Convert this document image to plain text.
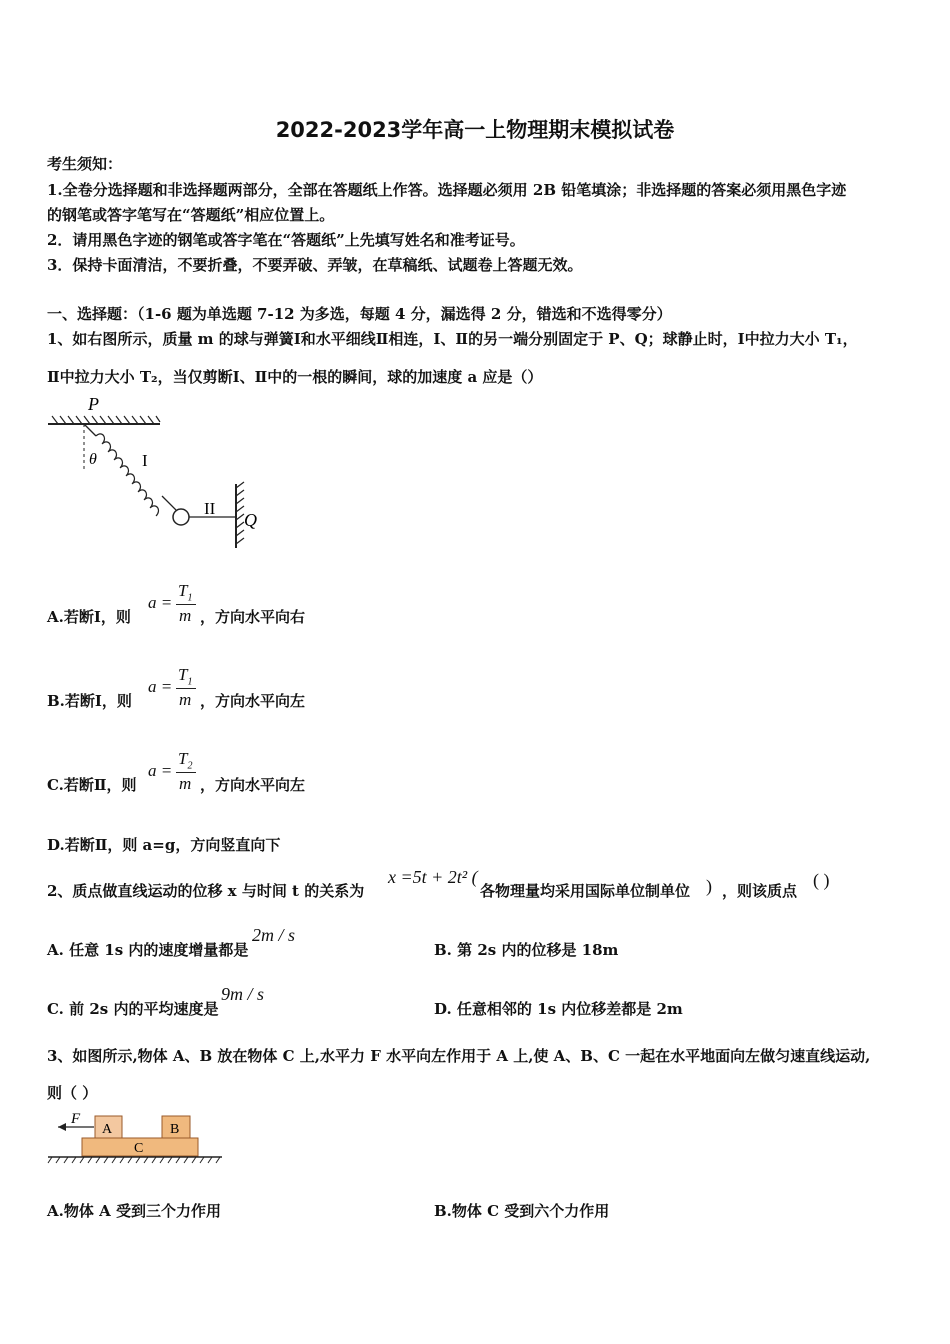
2022-2023学年高一上物理期末模拟试卷
考生须知：
1.全卷分选择题和非选择题两部分，全部在答题纸上作答。选择题必须用 2B 铅笔填涂；非选择题的答案必须用黑色字迹
的钢笔或答字笔写在“答题纸”相应位置上。
2．请用黑色字迹的钢笔或答字笔在“答题纸”上先填写姓名和准考证号。
3．保持卡面清洁，不要折叠，不要弄破、弄皱，在草稿纸、试题卷上答题无效。
一、选择题：（1-6 题为单选题 7-12 为多选，每题 4 分，漏选得 2 分，错选和不选得零分）
1、如右图所示，质量 m 的球与弹簧Ⅰ和水平细线Ⅱ相连，Ⅰ、Ⅱ的另一端分别固定于 P、Q；球静止时，Ⅰ中拉力大小 T₁，
Ⅱ中拉力大小 T₂，当仅剪断Ⅰ、Ⅱ中的一根的瞬间，球的加速度 a 应是（）
P
θ	I
II
Q
A.若断Ⅰ，则
a =
$T_1$
m ，方向水平向右
B.若断Ⅰ，则
a =
$T_1$
m ，方向水平向左
C.若断Ⅱ，则
a =
$T_2$
m ，方向水平向左
D.若断Ⅱ，则 a=g，方向竖直向下
2、质点做直线运动的位移 x 与时间 t 的关系为
x =5t + 2t² (
各物理量均采用国际单位制单位 ) ，则该质点
( )
A. 任意 1s 内的速度增量都是
2m / s
B. 第 2s 内的位移是 18m
C. 前 2s 内的平均速度是
9m / s
D. 任意相邻的 1s 内位移差都是 2m
3、如图所示,物体 A、B 放在物体 C 上,水平力 F 水平向左作用于 A 上,使 A、B、C 一起在水平地面向左做匀速直线运动,
则（ ）
F
A	B
C
A.物体 A 受到三个力作用	B.物体 C 受到六个力作用
